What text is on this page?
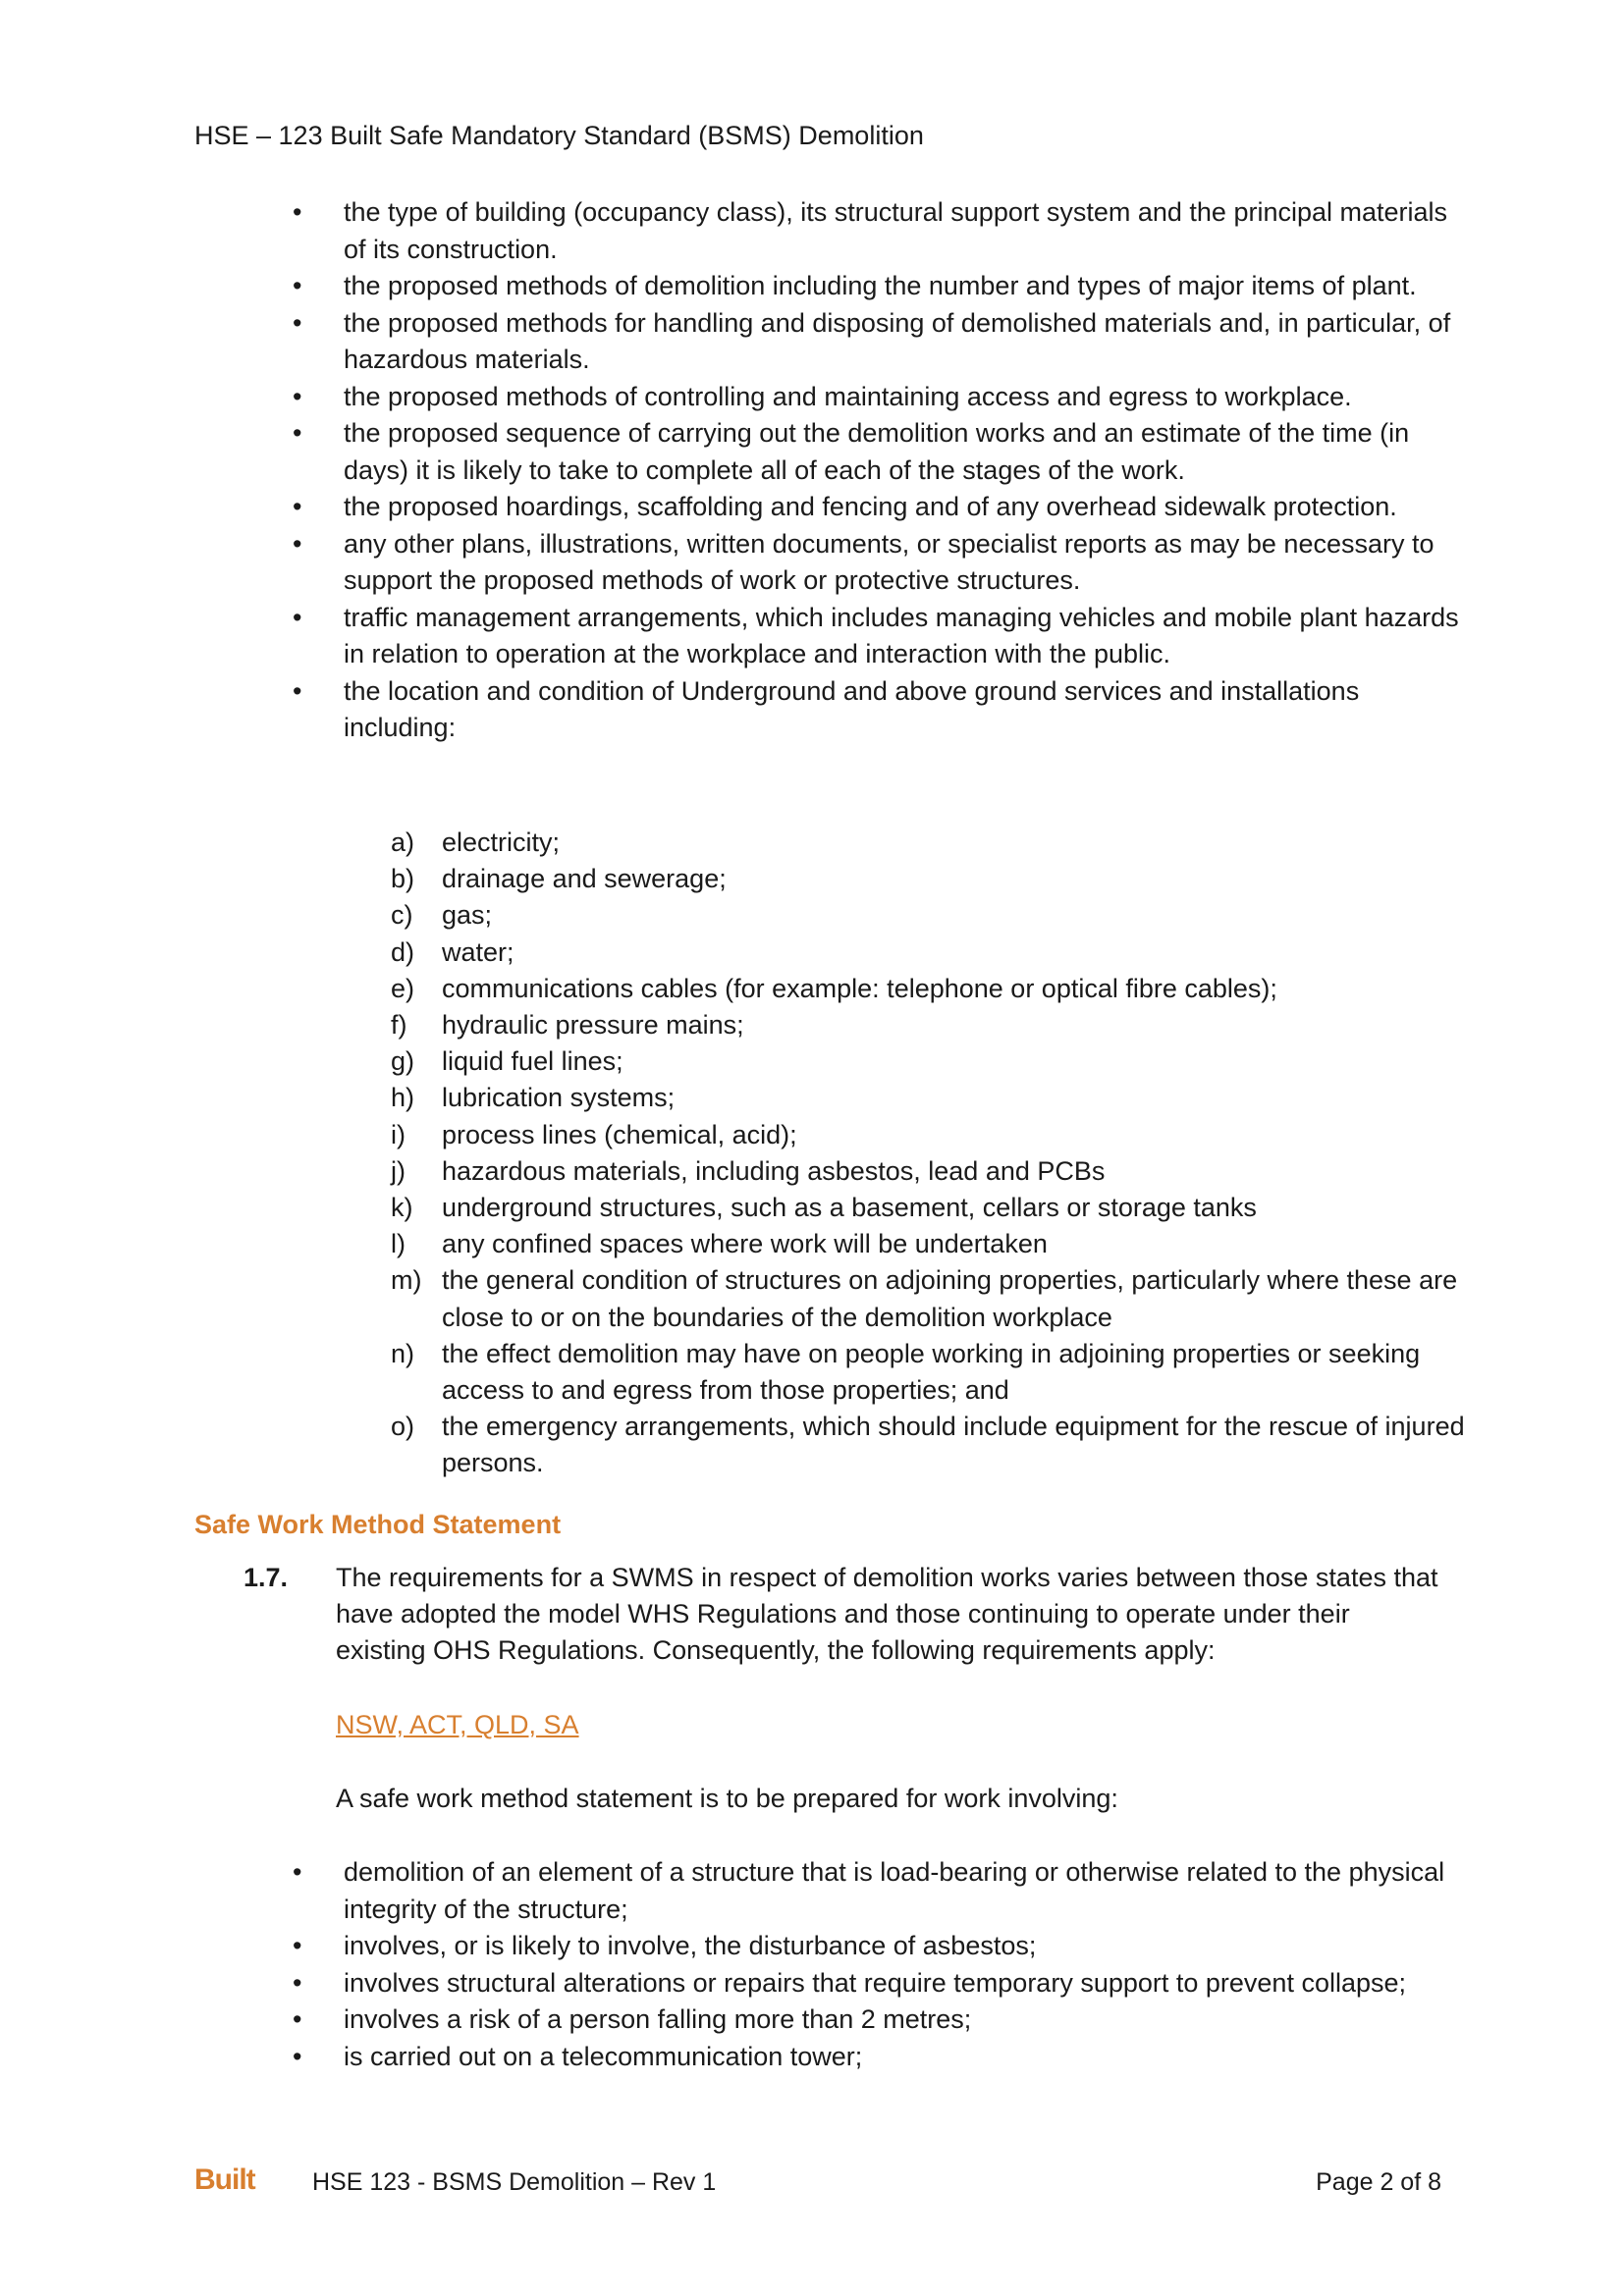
HSE – 123 Built Safe Mandatory Standard (BSMS) Demolition
• the type of building (occupancy class), its structural support system and the principal materials of its construction.
• the proposed methods of demolition including the number and types of major items of plant.
• the proposed methods for handling and disposing of demolished materials and, in particular, of hazardous materials.
• the proposed methods of controlling and maintaining access and egress to workplace.
• the proposed sequence of carrying out the demolition works and an estimate of the time (in days) it is likely to take to complete all of each of the stages of the work.
• the proposed hoardings, scaffolding and fencing and of any overhead sidewalk protection.
• any other plans, illustrations, written documents, or specialist reports as may be necessary to support the proposed methods of work or protective structures.
• traffic management arrangements, which includes managing vehicles and mobile plant hazards in relation to operation at the workplace and interaction with the public.
• the location and condition of Underground and above ground services and installations including:
a) electricity;
b) drainage and sewerage;
c) gas;
d) water;
e) communications cables (for example: telephone or optical fibre cables);
f) hydraulic pressure mains;
g) liquid fuel lines;
h) lubrication systems;
i) process lines (chemical, acid);
j) hazardous materials, including asbestos, lead and PCBs
k) underground structures, such as a basement, cellars or storage tanks
l) any confined spaces where work will be undertaken
m) the general condition of structures on adjoining properties, particularly where these are close to or on the boundaries of the demolition workplace
n) the effect demolition may have on people working in adjoining properties or seeking access to and egress from those properties; and
o) the emergency arrangements, which should include equipment for the rescue of injured persons.
Safe Work Method Statement
1.7. The requirements for a SWMS in respect of demolition works varies between those states that have adopted the model WHS Regulations and those continuing to operate under their existing OHS Regulations. Consequently, the following requirements apply:
NSW, ACT, QLD, SA
A safe work method statement is to be prepared for work involving:
• demolition of an element of a structure that is load-bearing or otherwise related to the physical integrity of the structure;
• involves, or is likely to involve, the disturbance of asbestos;
• involves structural alterations or repairs that require temporary support to prevent collapse;
• involves a risk of a person falling more than 2 metres;
• is carried out on a telecommunication tower;
Built HSE 123 - BSMS Demolition – Rev 1	Page 2 of 8
